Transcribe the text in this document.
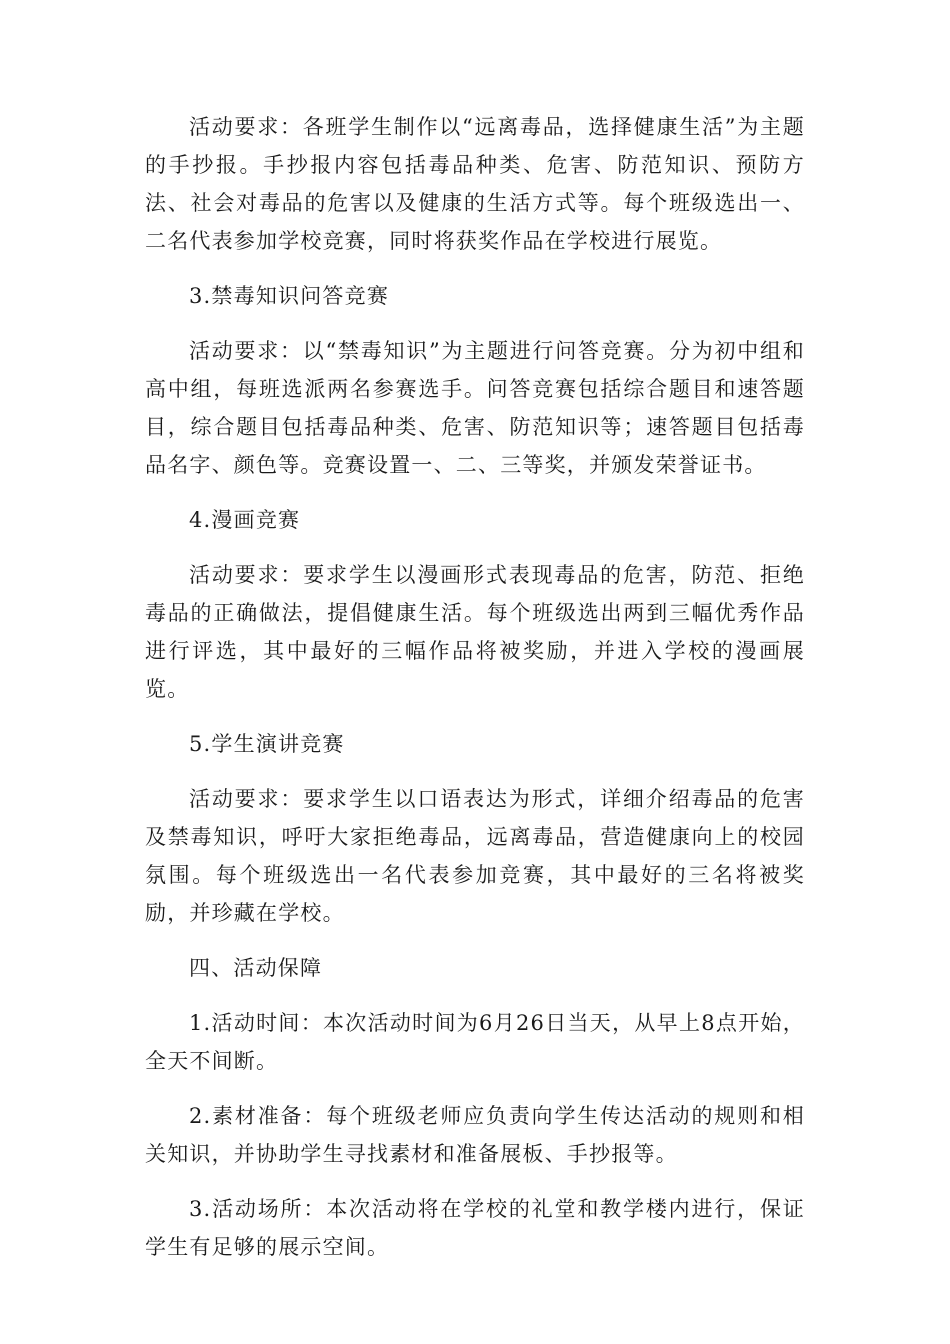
活动要求：各班学生制作以“远离毒品，选择健康生活”为主题的手抄报。手抄报内容包括毒品种类、危害、防范知识、预防方法、社会对毒品的危害以及健康的生活方式等。每个班级选出一、二名代表参加学校竞赛，同时将获奖作品在学校进行展览。

3.禁毒知识问答竞赛

活动要求：以“禁毒知识”为主题进行问答竞赛。分为初中组和高中组，每班选派两名参赛选手。问答竞赛包括综合题目和速答题目，综合题目包括毒品种类、危害、防范知识等；速答题目包括毒品名字、颜色等。竞赛设置一、二、三等奖，并颁发荣誉证书。

4.漫画竞赛

活动要求：要求学生以漫画形式表现毒品的危害，防范、拒绝毒品的正确做法，提倡健康生活。每个班级选出两到三幅优秀作品进行评选，其中最好的三幅作品将被奖励，并进入学校的漫画展览。

5.学生演讲竞赛

活动要求：要求学生以口语表达为形式，详细介绍毒品的危害及禁毒知识，呼吁大家拒绝毒品，远离毒品，营造健康向上的校园氛围。每个班级选出一名代表参加竞赛，其中最好的三名将被奖励，并珍藏在学校。

四、活动保障

1.活动时间：本次活动时间为6月26日当天，从早上8点开始，全天不间断。

2.素材准备：每个班级老师应负责向学生传达活动的规则和相关知识，并协助学生寻找素材和准备展板、手抄报等。

3.活动场所：本次活动将在学校的礼堂和教学楼内进行，保证学生有足够的展示空间。
